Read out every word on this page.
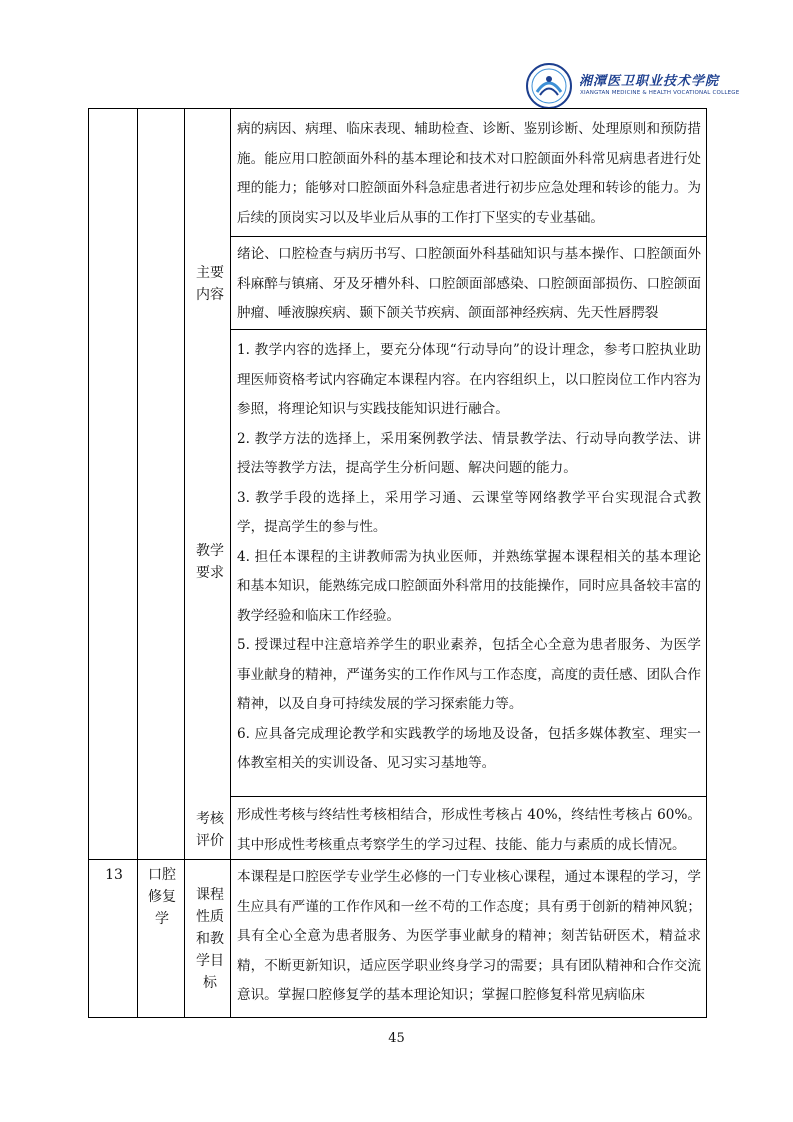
湘潭医卫职业技术学院
XIANGTAN MEDICINE & HEALTH VOCATIONAL COLLEGE
病的病因、病理、临床表现、辅助检查、诊断、鉴别诊断、处理原则和预防措施。能应用口腔颌面外科的基本理论和技术对口腔颌面外科常见病患者进行处理的能力；能够对口腔颌面外科急症患者进行初步应急处理和转诊的能力。为后续的顶岗实习以及毕业后从事的工作打下坚实的专业基础。
主要
内容
绪论、口腔检查与病历书写、口腔颌面外科基础知识与基本操作、口腔颌面外科麻醉与镇痛、牙及牙槽外科、口腔颌面部感染、口腔颌面部损伤、口腔颌面肿瘤、唾液腺疾病、颞下颌关节疾病、颌面部神经疾病、先天性唇腭裂
教学
要求

1. 教学内容的选择上，要充分体现“行动导向”的设计理念，参考口腔执业助理医师资格考试内容确定本课程内容。在内容组织上，以口腔岗位工作内容为参照，将理论知识与实践技能知识进行融合。

2. 教学方法的选择上，采用案例教学法、情景教学法、行动导向教学法、讲授法等教学方法，提高学生分析问题、解决问题的能力。

3. 教学手段的选择上，采用学习通、云课堂等网络教学平台实现混合式教学，提高学生的参与性。

4. 担任本课程的主讲教师需为执业医师，并熟练掌握本课程相关的基本理论和基本知识，能熟练完成口腔颌面外科常用的技能操作，同时应具备较丰富的教学经验和临床工作经验。

5. 授课过程中注意培养学生的职业素养，包括全心全意为患者服务、为医学事业献身的精神，严谨务实的工作作风与工作态度，高度的责任感、团队合作精神，以及自身可持续发展的学习探索能力等。

6. 应具备完成理论教学和实践教学的场地及设备，包括多媒体教室、理实一体教室相关的实训设备、见习实习基地等。

考核
评价
形成性考核与终结性考核相结合，形成性考核占 40%，终结性考核占 60%。其中形成性考核重点考察学生的学习过程、技能、能力与素质的成长情况。
13	口腔
修复
学
课程
性质
和教
学目
标
本课程是口腔医学专业学生必修的一门专业核心课程，通过本课程的学习，学生应具有严谨的工作作风和一丝不苟的工作态度；具有勇于创新的精神风貌；具有全心全意为患者服务、为医学事业献身的精神；刻苦钻研医术，精益求精，不断更新知识，适应医学职业终身学习的需要；具有团队精神和合作交流意识。掌握口腔修复学的基本理论知识；掌握口腔修复科常见病临床
45
